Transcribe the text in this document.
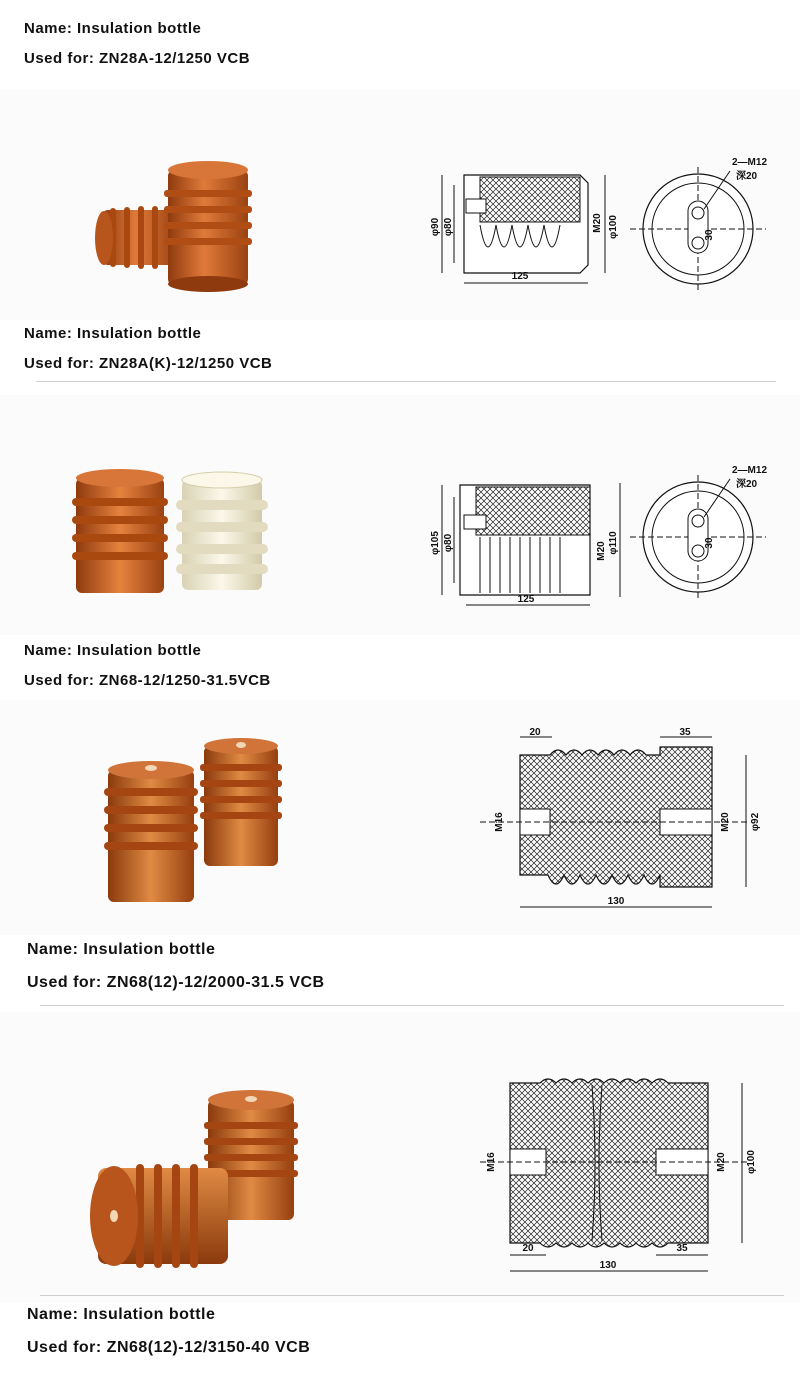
Name: Insulation bottle
Used for: ZN28A-12/1250 VCB
φ90 φ80	φ100
M20
125
2—M12
深20
30
Name: Insulation bottle
Used for: ZN28A(K)-12/1250 VCB
φ105 φ80	φ110
M20
125
2—M12
深20
30
Name: Insulation bottle
Used for: ZN68-12/1250-31.5VCB
20	35
130
M16	M20 φ92
Name: Insulation bottle
Used for: ZN68(12)-12/2000-31.5 VCB
20	35
130
M16	M20 φ100
Name: Insulation bottle
Used for: ZN68(12)-12/3150-40 VCB
